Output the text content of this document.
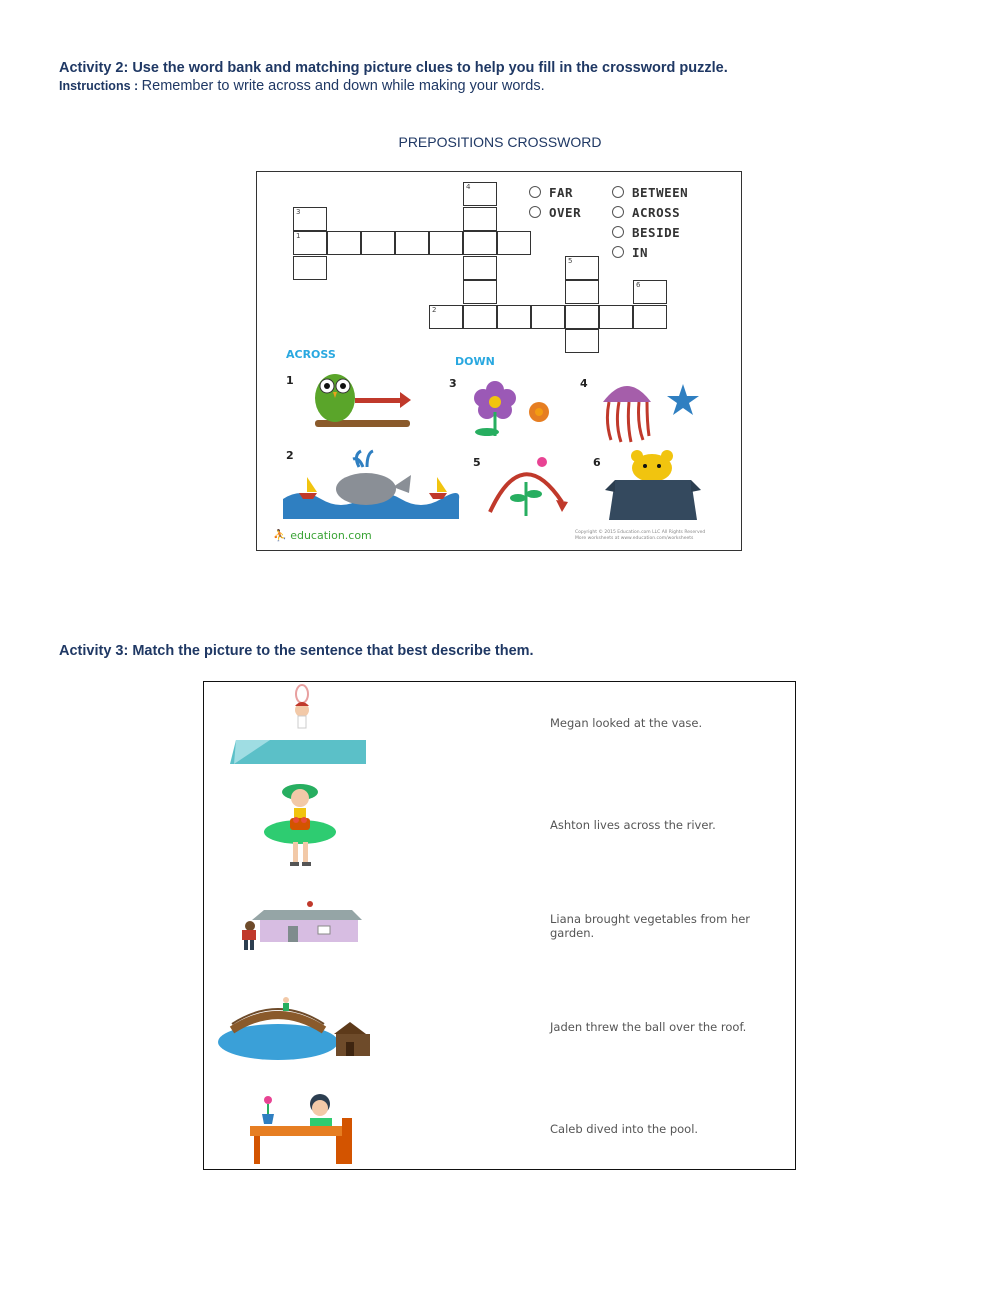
Activity 2: Use the word bank and matching picture clues to help you fill in the crossword puzzle.
Instructions : Remember to write across and down while making your words.
PREPOSITIONS CROSSWORD
1
3
4
2
5
6
FAR
OVER
BETWEEN
ACROSS
BESIDE
IN
ACROSS
DOWN
1
2
3	4
5	6
⛹ education.com	Copyright © 2015 Education.com LLC All Rights Reserved
More worksheets at www.education.com/worksheets
Activity 3: Match the picture to the sentence that best describe them.
Megan looked at the vase.
Ashton lives across the river.
Liana brought vegetables from her garden.
Jaden threw the ball over the roof.
Caleb dived into the pool.
